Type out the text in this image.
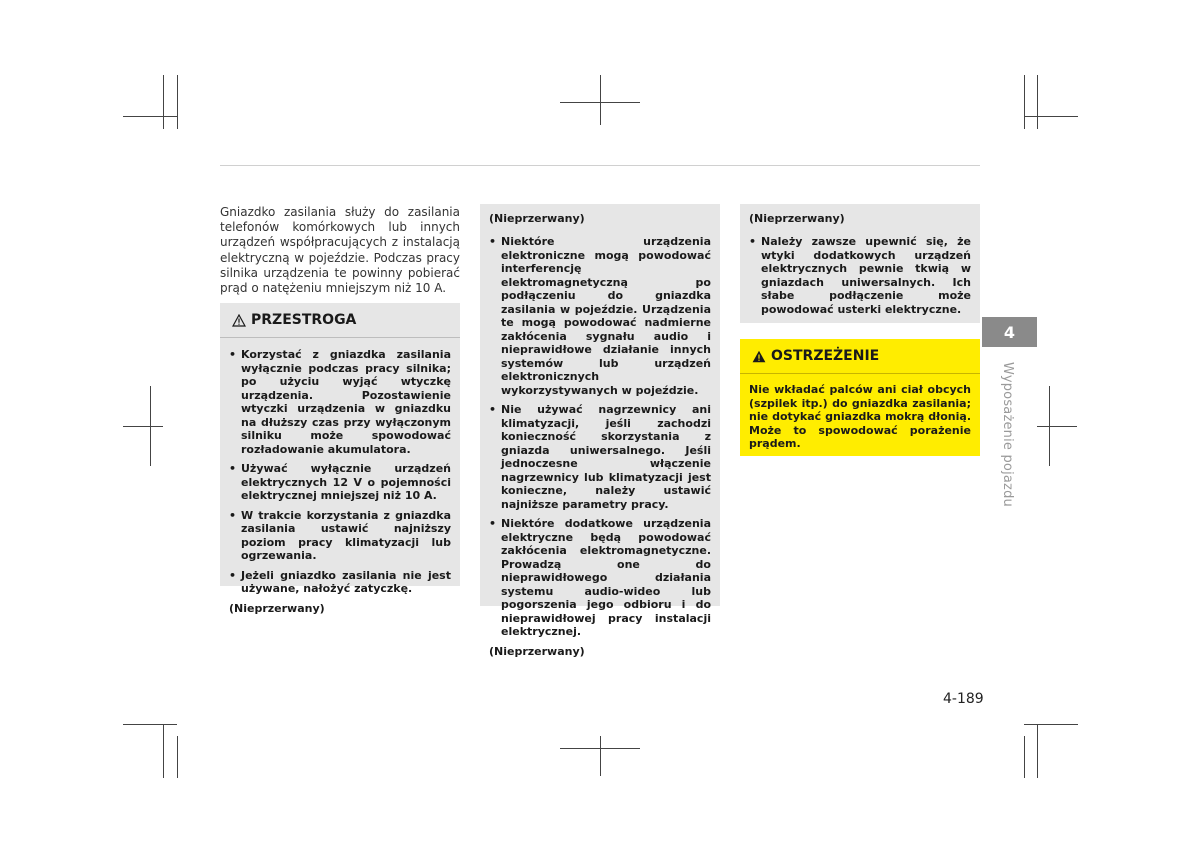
Gniazdko zasilania służy do zasilania telefonów komórkowych lub innych urządzeń współpracujących z instalacją elektryczną w pojeździe. Podczas pracy silnika urządzenia te powinny pobierać prąd o natężeniu mniejszym niż 10 A.

PRZESTROGA
• Korzystać z gniazdka zasilania wyłącznie podczas pracy silnika; po użyciu wyjąć wtyczkę urządzenia. Pozostawienie wtyczki urządzenia w gniazdku na dłuższy czas przy wyłączonym silniku może spowodować rozładowanie akumulatora.
• Używać wyłącznie urządzeń elektrycznych 12 V o pojemności elektrycznej mniejszej niż 10 A.
• W trakcie korzystania z gniazdka zasilania ustawić najniższy poziom pracy klimatyzacji lub ogrzewania.
• Jeżeli gniazdko zasilania nie jest używane, nałożyć zatyczkę.
(Nieprzerwany)
(Nieprzerwany)
• Niektóre urządzenia elektroniczne mogą powodować interferencję elektromagnetyczną po podłączeniu do gniazdka zasilania w pojeździe. Urządzenia te mogą powodować nadmierne zakłócenia sygnału audio i nieprawidłowe działanie innych systemów lub urządzeń elektronicznych wykorzystywanych w pojeździe.
• Nie używać nagrzewnicy ani klimatyzacji, jeśli zachodzi konieczność skorzystania z gniazda uniwersalnego. Jeśli jednoczesne włączenie nagrzewnicy lub klimatyzacji jest konieczne, należy ustawić najniższe parametry pracy.
• Niektóre dodatkowe urządzenia elektryczne będą powodować zakłócenia elektromagnetyczne. Prowadzą one do nieprawidłowego działania systemu audio-wideo lub pogorszenia jego odbioru i do nieprawidłowej pracy instalacji elektrycznej.
(Nieprzerwany)
(Nieprzerwany)
• Należy zawsze upewnić się, że wtyki dodatkowych urządzeń elektrycznych pewnie tkwią w gniazdach uniwersalnych. Ich słabe podłączenie może powodować usterki elektryczne.
OSTRZEŻENIE
Nie wkładać palców ani ciał obcych (szpilek itp.) do gniazdka zasilania; nie dotykać gniazdka mokrą dłonią. Może to spowodować porażenie prądem.
4
Wyposażenie pojazdu
4-189
